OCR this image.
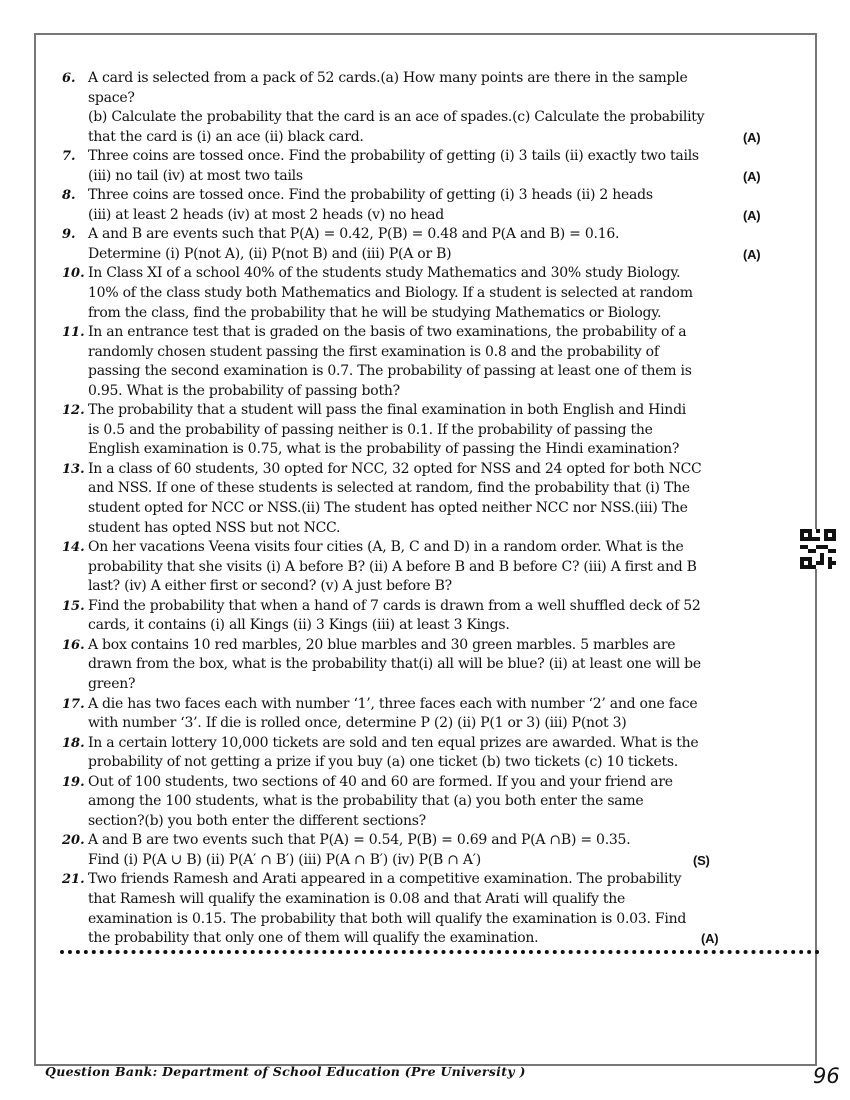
6. A card is selected from a pack of 52 cards.(a) How many points are there in the sample
space?
(b) Calculate the probability that the card is an ace of spades.(c) Calculate the probability
that the card is (i) an ace (ii) black card.	(A)
7. Three coins are tossed once. Find the probability of getting (i) 3 tails (ii) exactly two tails
(iii) no tail (iv) at most two tails	(A)
8. Three coins are tossed once. Find the probability of getting (i) 3 heads (ii) 2 heads
(iii) at least 2 heads (iv) at most 2 heads (v) no head	(A)
9. A and B are events such that P(A) = 0.42, P(B) = 0.48 and P(A and B) = 0.16.
Determine (i) P(not A), (ii) P(not B) and (iii) P(A or B)	(A)
10. In Class XI of a school 40% of the students study Mathematics and 30% study Biology.
10% of the class study both Mathematics and Biology. If a student is selected at random
from the class, find the probability that he will be studying Mathematics or Biology.
11. In an entrance test that is graded on the basis of two examinations, the probability of a
randomly chosen student passing the first examination is 0.8 and the probability of
passing the second examination is 0.7. The probability of passing at least one of them is
0.95. What is the probability of passing both?
12. The probability that a student will pass the final examination in both English and Hindi
is 0.5 and the probability of passing neither is 0.1. If the probability of passing the
English examination is 0.75, what is the probability of passing the Hindi examination?
13. In a class of 60 students, 30 opted for NCC, 32 opted for NSS and 24 opted for both NCC
and NSS. If one of these students is selected at random, find the probability that (i) The
student opted for NCC or NSS.(ii) The student has opted neither NCC nor NSS.(iii) The
student has opted NSS but not NCC.
14. On her vacations Veena visits four cities (A, B, C and D) in a random order. What is the
probability that she visits (i) A before B? (ii) A before B and B before C? (iii) A first and B
last? (iv) A either first or second? (v) A just before B?
15. Find the probability that when a hand of 7 cards is drawn from a well shuffled deck of 52
cards, it contains (i) all Kings (ii) 3 Kings (iii) at least 3 Kings.
16. A box contains 10 red marbles, 20 blue marbles and 30 green marbles. 5 marbles are
drawn from the box, what is the probability that(i) all will be blue? (ii) at least one will be
green?
17. A die has two faces each with number ‘1’, three faces each with number ‘2’ and one face
with number ‘3’. If die is rolled once, determine P (2) (ii) P(1 or 3) (iii) P(not 3)
18. In a certain lottery 10,000 tickets are sold and ten equal prizes are awarded. What is the
probability of not getting a prize if you buy (a) one ticket (b) two tickets (c) 10 tickets.
19. Out of 100 students, two sections of 40 and 60 are formed. If you and your friend are
among the 100 students, what is the probability that (a) you both enter the same
section?(b) you both enter the different sections?
20. A and B are two events such that P(A) = 0.54, P(B) = 0.69 and P(A ∩B) = 0.35.
Find (i) P(A ∪ B) (ii) P(A′ ∩ B′) (iii) P(A ∩ B′) (iv) P(B ∩ A′)	(S)
21. Two friends Ramesh and Arati appeared in a competitive examination. The probability
that Ramesh will qualify the examination is 0.08 and that Arati will qualify the
examination is 0.15. The probability that both will qualify the examination is 0.03. Find
the probability that only one of them will qualify the examination.	(A)
Question Bank: Department of School Education (Pre University )	96
